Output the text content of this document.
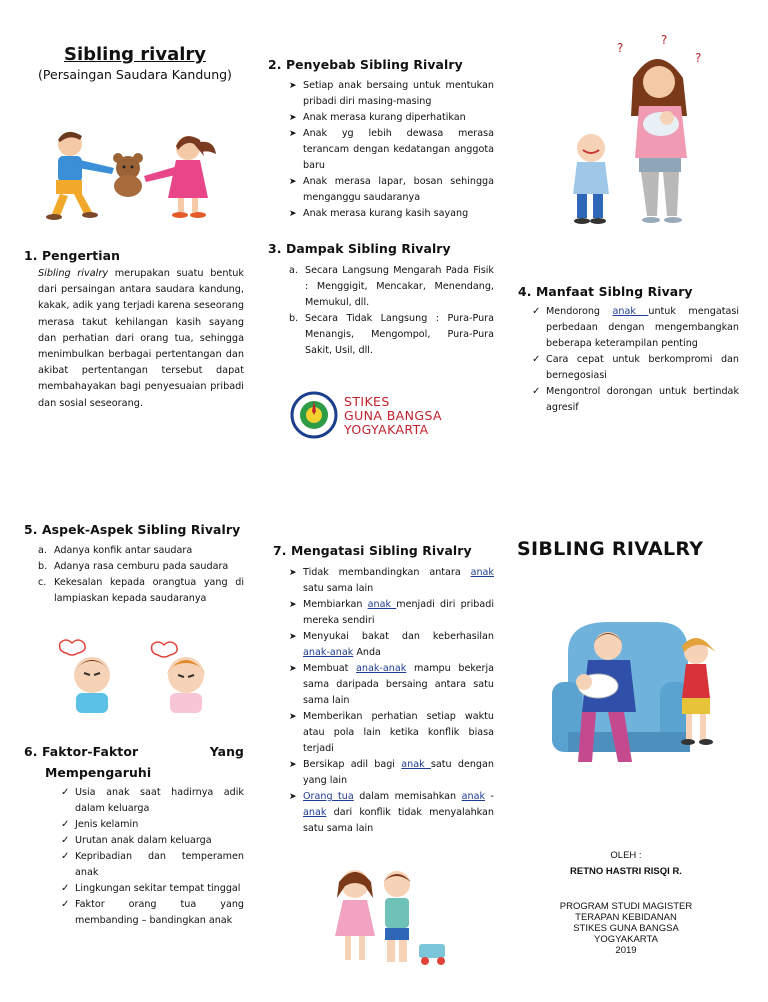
Sibling rivalry
(Persaingan Saudara Kandung)
1. Pengertian
Sibling rivalry merupakan suatu bentuk dari persaingan antara saudara kandung, kakak, adik yang terjadi karena seseorang merasa takut kehilangan kasih sayang dan perhatian dari orang tua, sehingga menimbulkan berbagai pertentangan dan akibat pertentangan tersebut dapat membahayakan bagi penyesuaian pribadi dan sosial seseorang.
2. Penyebab Sibling Rivalry
➤ Setiap anak bersaing untuk mentukan pribadi diri masing-masing
➤ Anak merasa kurang diperhatikan
➤ Anak yg lebih dewasa merasa terancam dengan kedatangan anggota baru
➤ Anak merasa lapar, bosan sehingga menganggu saudaranya
➤ Anak merasa kurang kasih sayang
3. Dampak Sibling Rivalry
a. Secara Langsung Mengarah Pada Fisik : Menggigit, Mencakar, Menendang, Memukul, dll.
b. Secara Tidak Langsung : Pura-Pura Menangis, Mengompol, Pura-Pura Sakit, Usil, dll.
STIKES
GUNA BANGSA
YOGYAKARTA
?
?
?
4. Manfaat Siblng Rivary
✓ Mendorong anak untuk mengatasi perbedaan dengan mengembangkan beberapa keterampilan penting
✓ Cara cepat untuk berkompromi dan bernegosiasi
✓ Mengontrol dorongan untuk bertindak agresif
5. Aspek-Aspek Sibling Rivalry
a. Adanya konfik antar saudara
b. Adanya rasa cemburu pada saudara
c. Kekesalan kepada orangtua yang di lampiaskan kepada saudaranya
6. Faktor-Faktor	Yang
Mempengaruhi
✓ Usia anak saat hadirnya adik dalam keluarga
✓ Jenis kelamin
✓ Urutan anak dalam keluarga
✓ Kepribadian dan temperamen anak
✓ Lingkungan sekitar tempat tinggal
✓ Faktor orang tua yang membanding – bandingkan anak
7. Mengatasi Sibling Rivalry
➤ Tidak membandingkan antara anak satu sama lain
➤ Membiarkan anak menjadi diri pribadi mereka sendiri
➤ Menyukai bakat dan keberhasilan anak-anak Anda
➤ Membuat anak-anak mampu bekerja sama daripada bersaing antara satu sama lain
➤ Memberikan perhatian setiap waktu atau pola lain ketika konflik biasa terjadi
➤ Bersikap adil bagi anak satu dengan yang lain
➤ Orang tua dalam memisahkan anak - anak dari konflik tidak menyalahkan satu sama lain
SIBLING RIVALRY
OLEH :
RETNO HASTRI RISQI R.
PROGRAM STUDI MAGISTER
TERAPAN KEBIDANAN
STIKES GUNA BANGSA
YOGYAKARTA
2019
